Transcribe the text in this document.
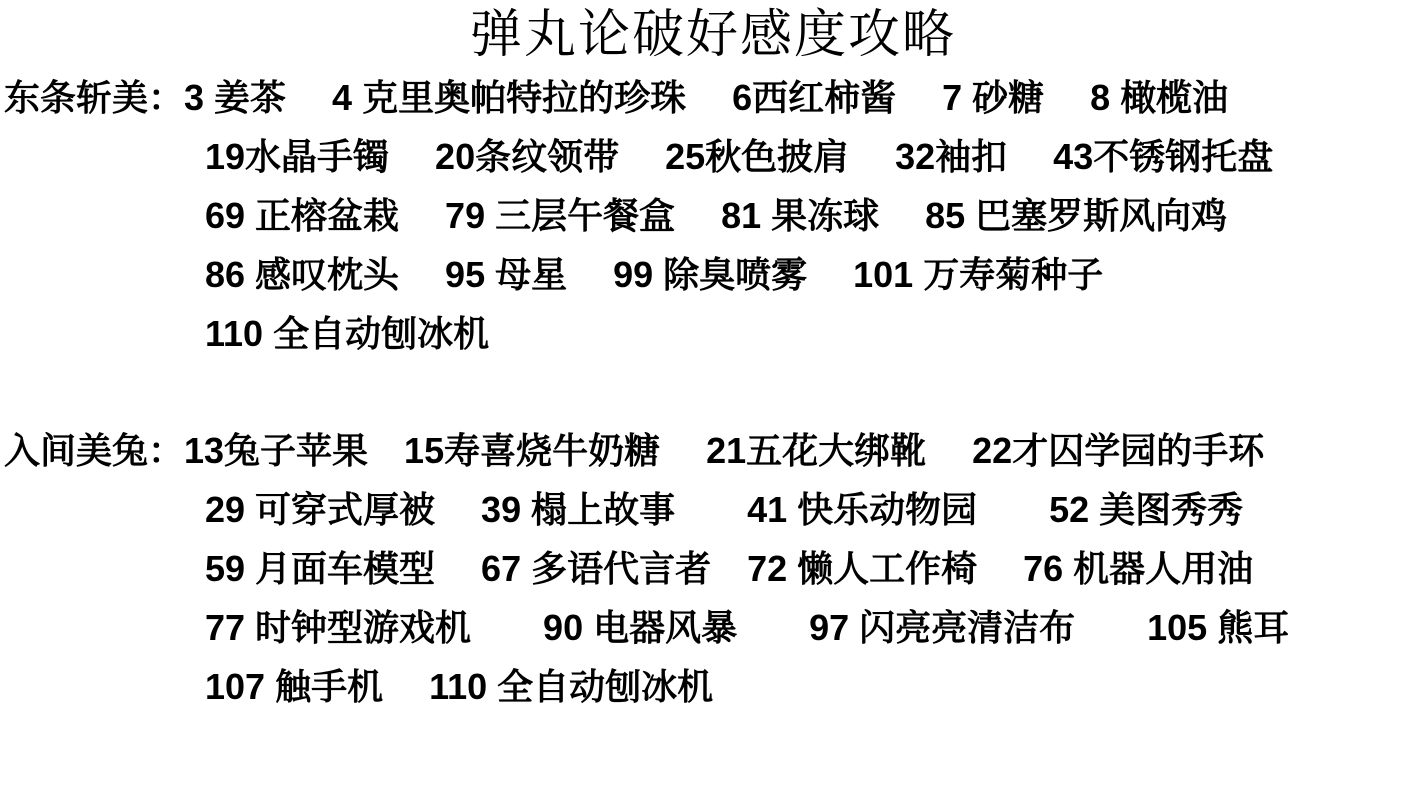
弹丸论破好感度攻略
东条斩美：3 姜茶　 4 克里奥帕特拉的珍珠　 6西红柿酱　 7 砂糖　 8 橄榄油
19水晶手镯　 20条纹领带　 25秋色披肩　 32袖扣　 43不锈钢托盘
69 正榕盆栽　 79 三层午餐盒　 81 果冻球　 85 巴塞罗斯风向鸡
86 感叹枕头　 95 母星　 99 除臭喷雾　 101 万寿菊种子
110 全自动刨冰机
入间美兔：13兔子苹果　15寿喜烧牛奶糖　 21五花大绑靴　 22才囚学园的手环
29 可穿式厚被　 39 榻上故事　　41 快乐动物园　　52 美图秀秀
59 月面车模型　 67 多语代言者　72 懒人工作椅　 76 机器人用油
77 时钟型游戏机　　90 电器风暴　　97 闪亮亮清洁布　　105 熊耳
107 触手机　 110 全自动刨冰机
